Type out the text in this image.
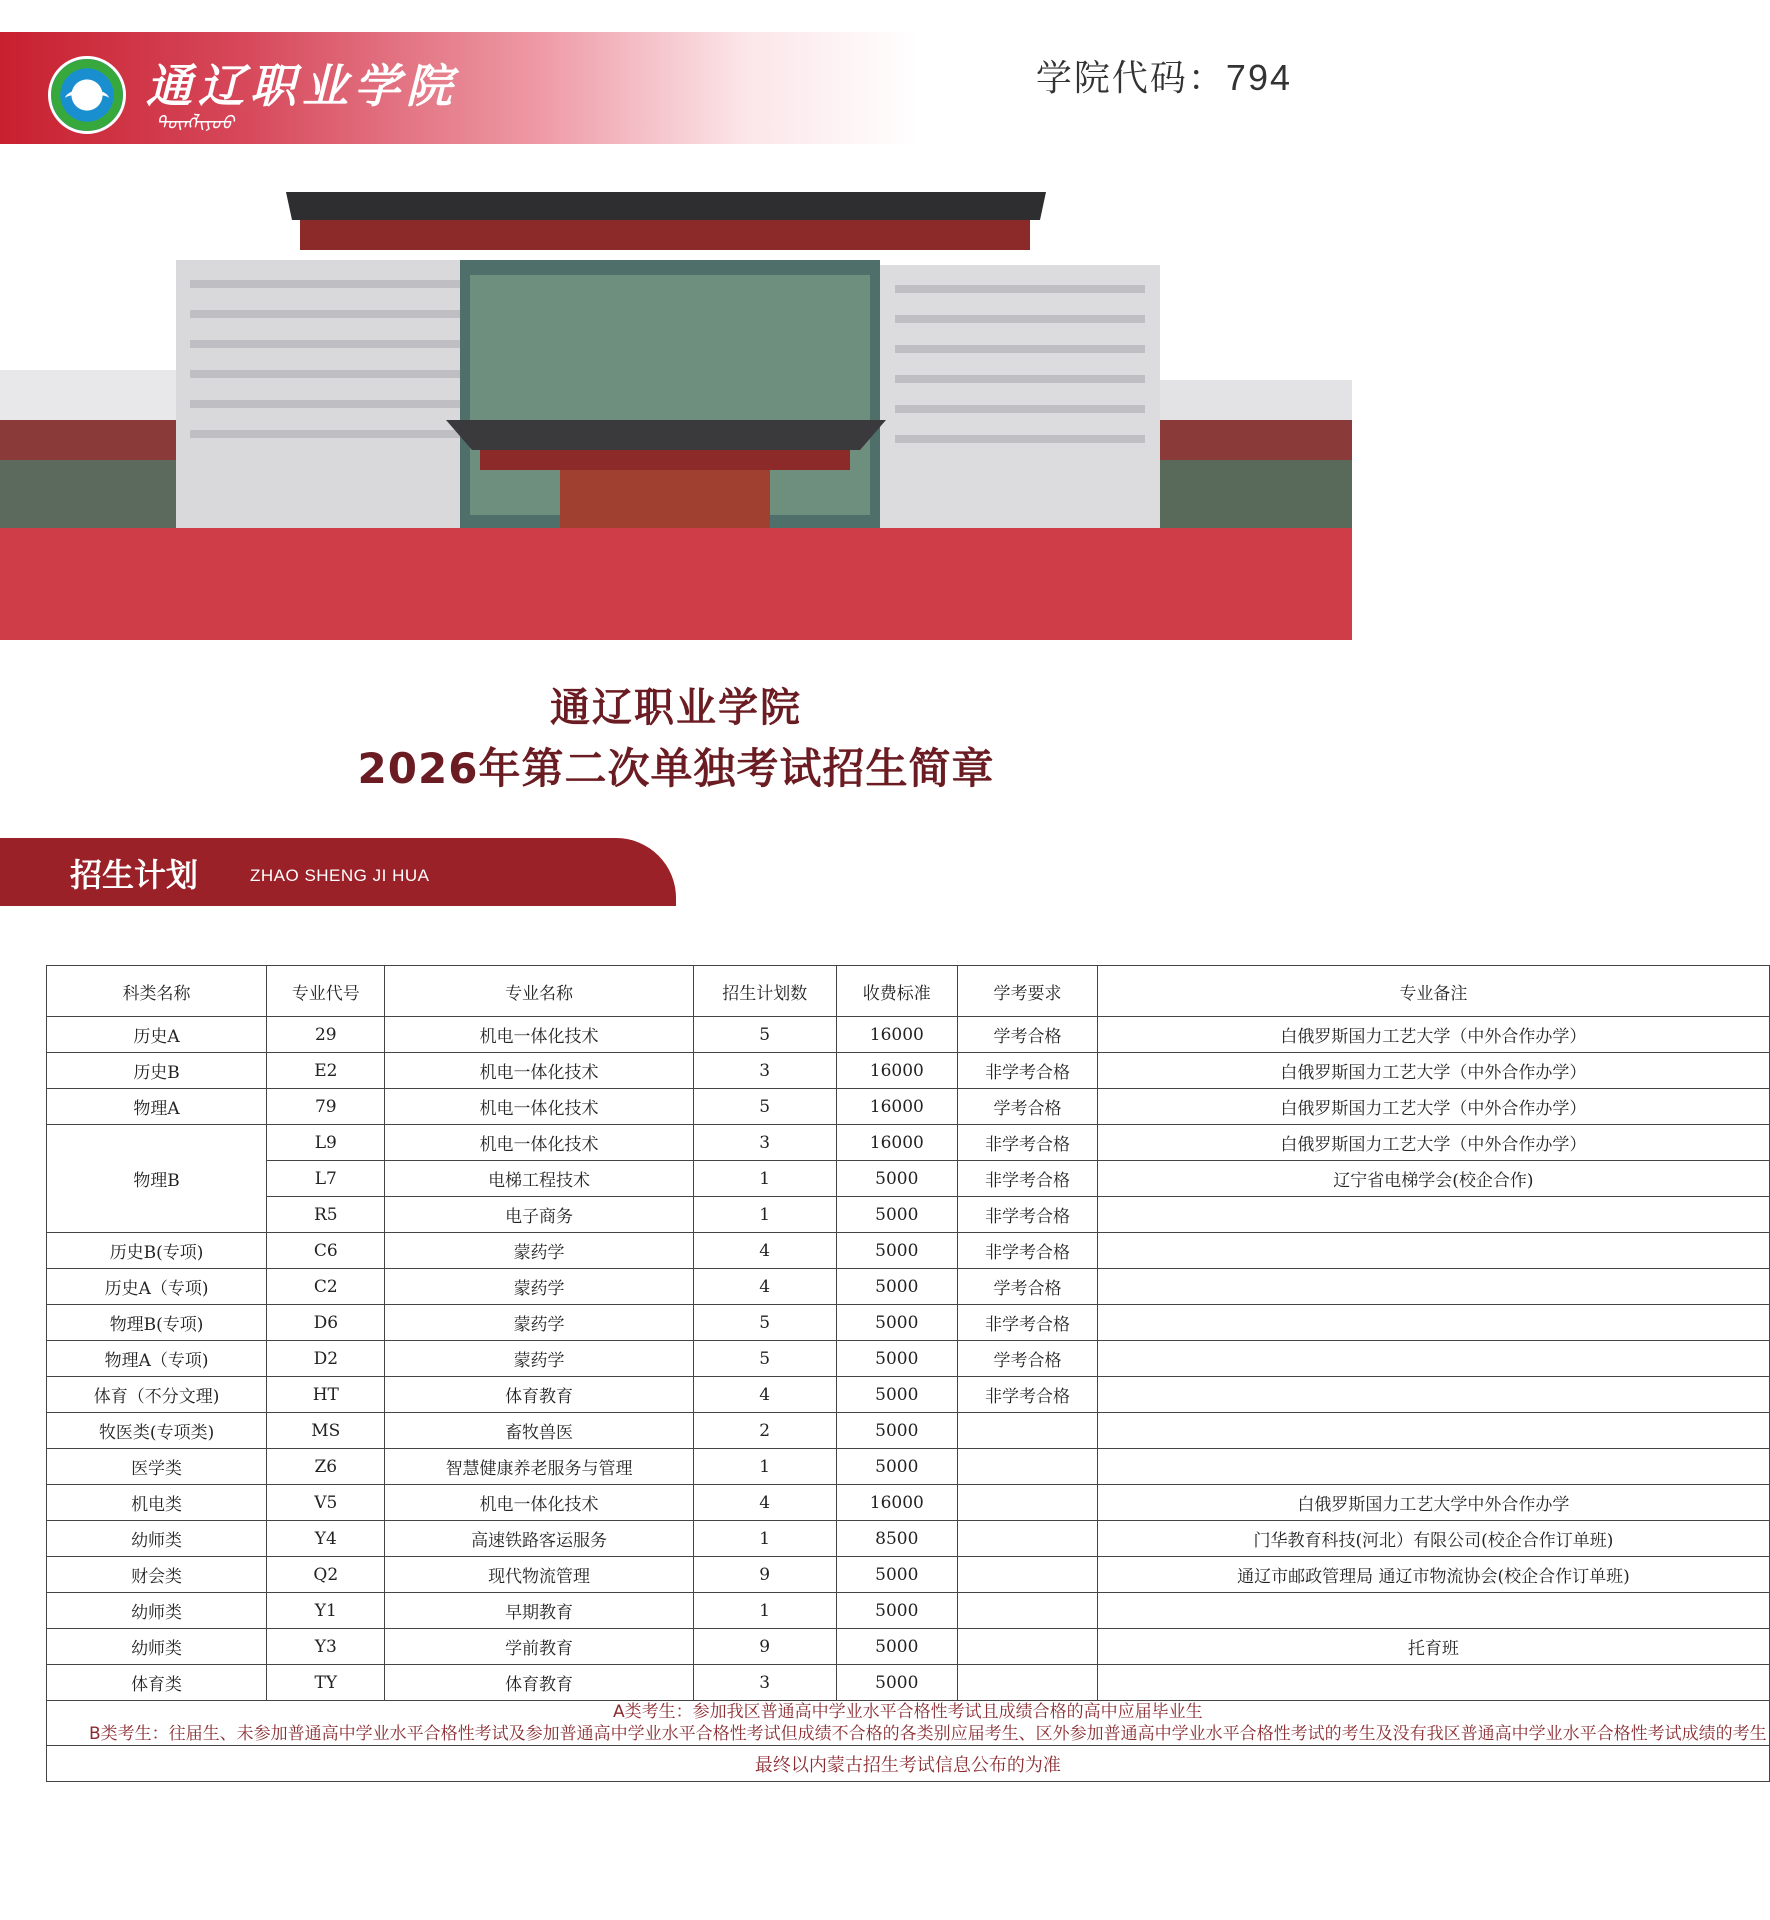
通辽职业学院
ᠲᠦᠩᠯᠢᠶᠣᠤ
学院代码：794
通辽职业学院
2026年第二次单独考试招生简章
招生计划	ZHAO SHENG JI HUA
科类名称	专业代号	专业名称	招生计划数	收费标准	学考要求	专业备注
历史A	29	机电一体化技术	5	16000	学考合格	白俄罗斯国力工艺大学（中外合作办学）
历史B	E2	机电一体化技术	3	16000	非学考合格	白俄罗斯国力工艺大学（中外合作办学）
物理A	79	机电一体化技术	5	16000	学考合格	白俄罗斯国力工艺大学（中外合作办学）
物理B	L9	机电一体化技术	3	16000	非学考合格	白俄罗斯国力工艺大学（中外合作办学）
	L7	电梯工程技术	1	5000	非学考合格	辽宁省电梯学会(校企合作)
	R5	电子商务	1	5000	非学考合格	
历史B(专项)	C6	蒙药学	4	5000	非学考合格	
历史A（专项)	C2	蒙药学	4	5000	学考合格	
物理B(专项)	D6	蒙药学	5	5000	非学考合格	
物理A（专项)	D2	蒙药学	5	5000	学考合格	
体育（不分文理)	HT	体育教育	4	5000	非学考合格	
牧医类(专项类)	MS	畜牧兽医	2	5000		
医学类	Z6	智慧健康养老服务与管理	1	5000		
机电类	V5	机电一体化技术	4	16000		白俄罗斯国力工艺大学中外合作办学
幼师类	Y4	高速铁路客运服务	1	8500		门华教育科技(河北）有限公司(校企合作订单班)
财会类	Q2	现代物流管理	9	5000		通辽市邮政管理局 通辽市物流协会(校企合作订单班)
幼师类	Y1	早期教育	1	5000		
幼师类	Y3	学前教育	9	5000		托育班
体育类	TY	体育教育	3	5000		

A类考生：参加我区普通高中学业水平合格性考试且成绩合格的高中应届毕业生

B类考生：往届生、未参加普通高中学业水平合格性考试及参加普通高中学业水平合格性考试但成绩不合格的各类别应届考生、区外参加普通高中学业水平合格性考试的考生及没有我区普通高中学业水平合格性考试成绩的考生						

最终以内蒙古招生考试信息公布的为准						
